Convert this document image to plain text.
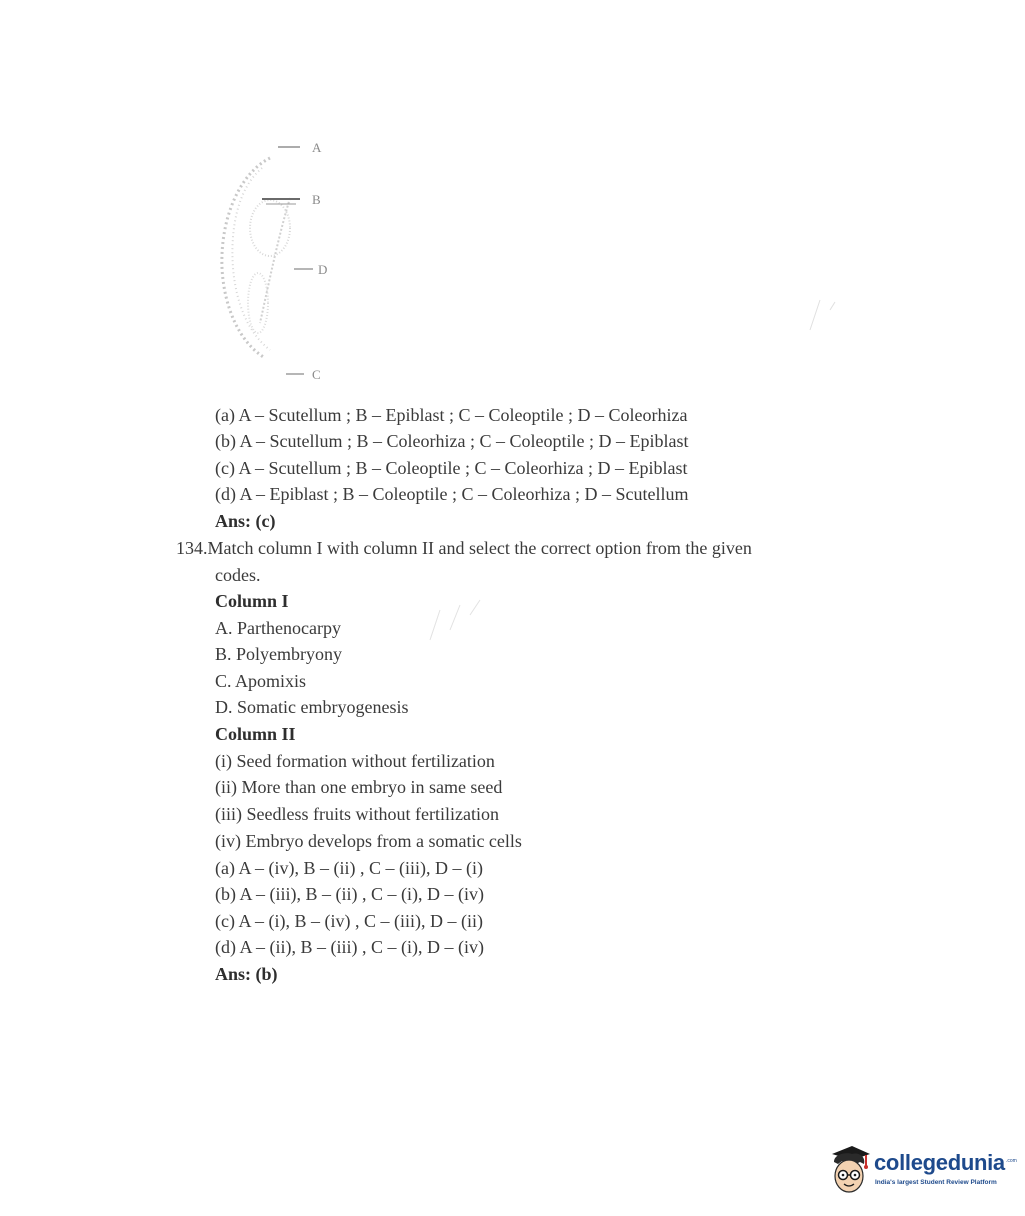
A
B
D
C
(a) A – Scutellum ; B – Epiblast ; C – Coleoptile ; D – Coleorhiza
(b) A – Scutellum ; B – Coleorhiza ; C – Coleoptile ; D – Epiblast
(c) A – Scutellum ; B – Coleoptile ; C – Coleorhiza ; D – Epiblast
(d) A – Epiblast ; B – Coleoptile ; C – Coleorhiza ; D – Scutellum
Ans: (c)
134.Match column I with column II and select the correct option from the given
codes.
Column I
A. Parthenocarpy
B. Polyembryony
C. Apomixis
D. Somatic embryogenesis
Column II
(i) Seed formation without fertilization
(ii) More than one embryo in same seed
(iii) Seedless fruits without fertilization
(iv) Embryo develops from a somatic cells
(a) A – (iv), B – (ii) , C – (iii), D – (i)
(b) A – (iii), B – (ii) , C – (i), D – (iv)
(c) A – (i), B – (iv) , C – (iii), D – (ii)
(d) A – (ii), B – (iii) , C – (i), D – (iv)
Ans: (b)
collegedunia .com
India's largest Student Review Platform
